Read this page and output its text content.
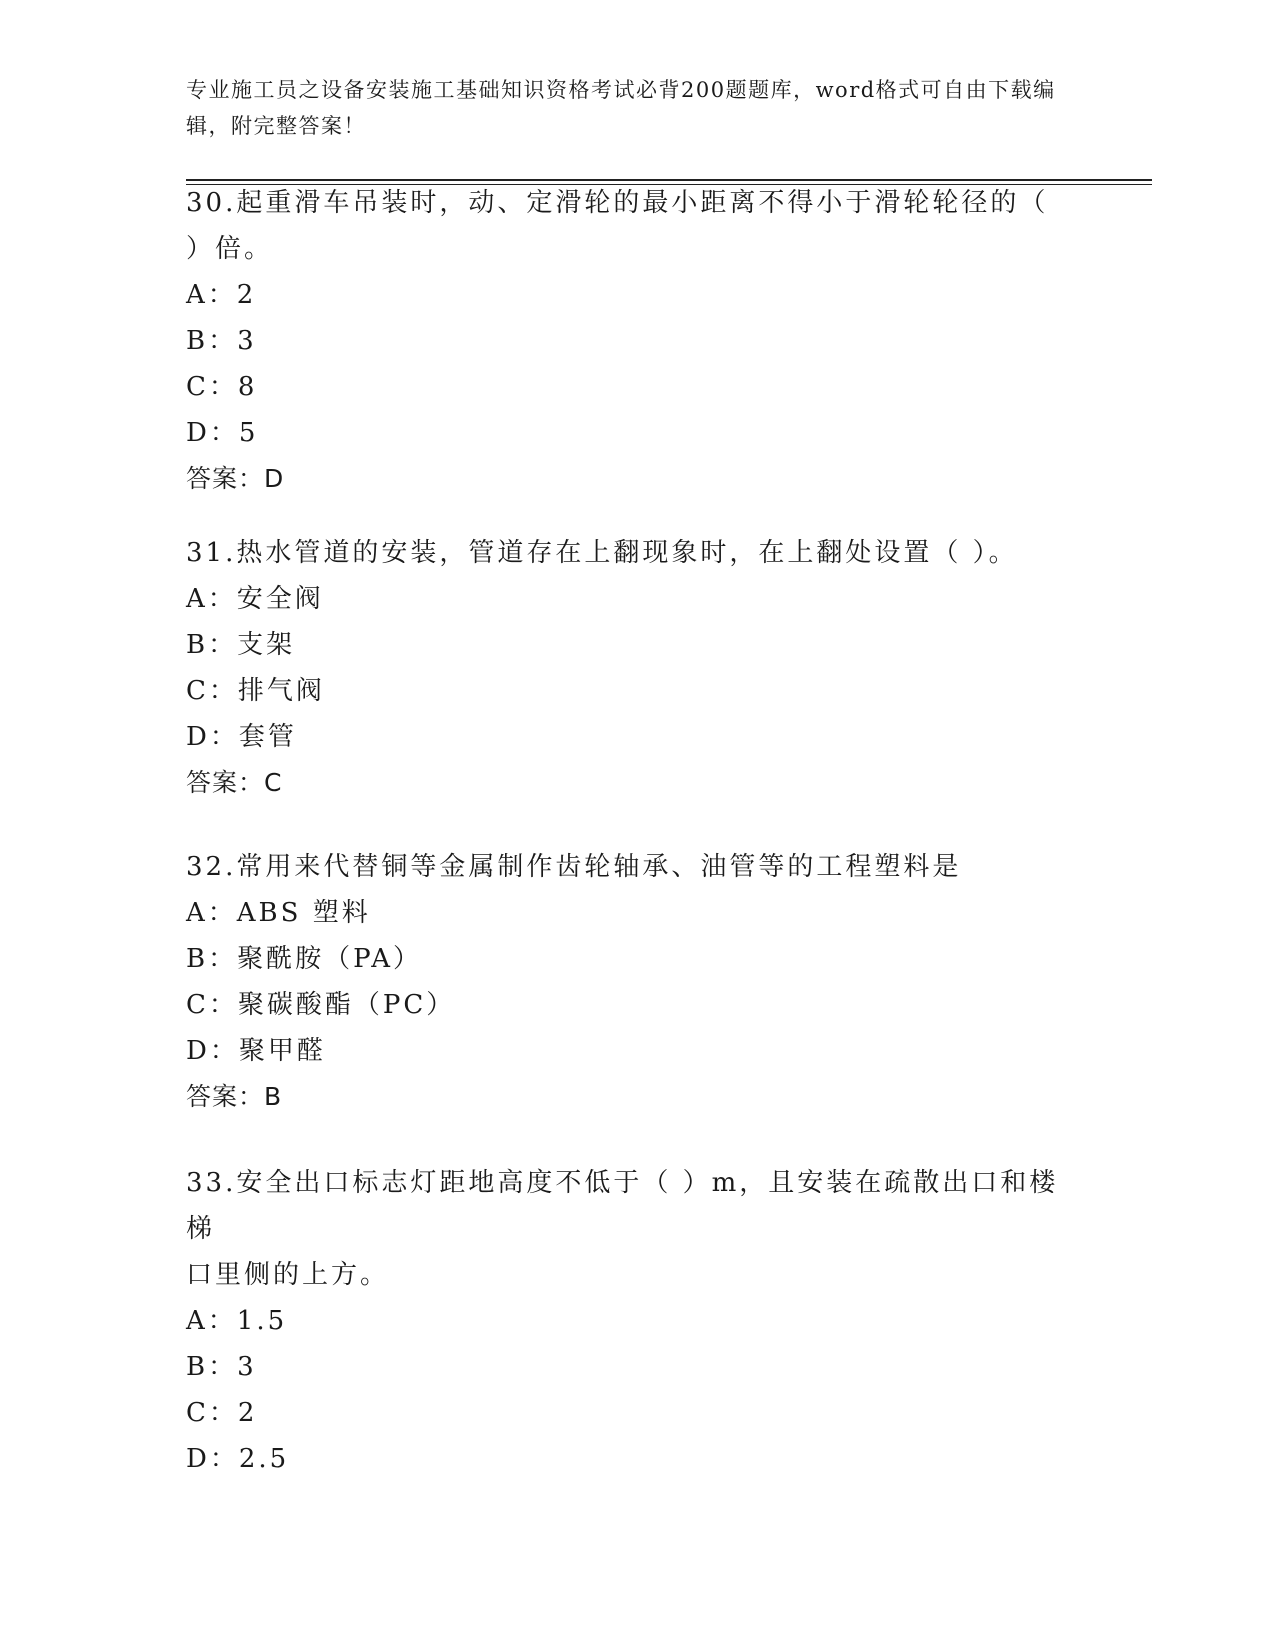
专业施工员之设备安装施工基础知识资格考试必背200题题库，word格式可自由下载编辑，附完整答案！

30.起重滑车吊装时，动、定滑轮的最小距离不得小于滑轮轮径的（

）倍。

A：2

B：3

C：8

D：5

答案：D

31.热水管道的安装，管道存在上翻现象时，在上翻处设置（ ）。

A：安全阀

B：支架

C：排气阀

D：套管

答案：C

32.常用来代替铜等金属制作齿轮轴承、油管等的工程塑料是

A：ABS 塑料

B：聚酰胺（PA）

C：聚碳酸酯（PC）

D：聚甲醛

答案：B

33.安全出口标志灯距地高度不低于（ ）m，且安装在疏散出口和楼梯

口里侧的上方。

A：1.5

B：3

C：2

D：2.5
